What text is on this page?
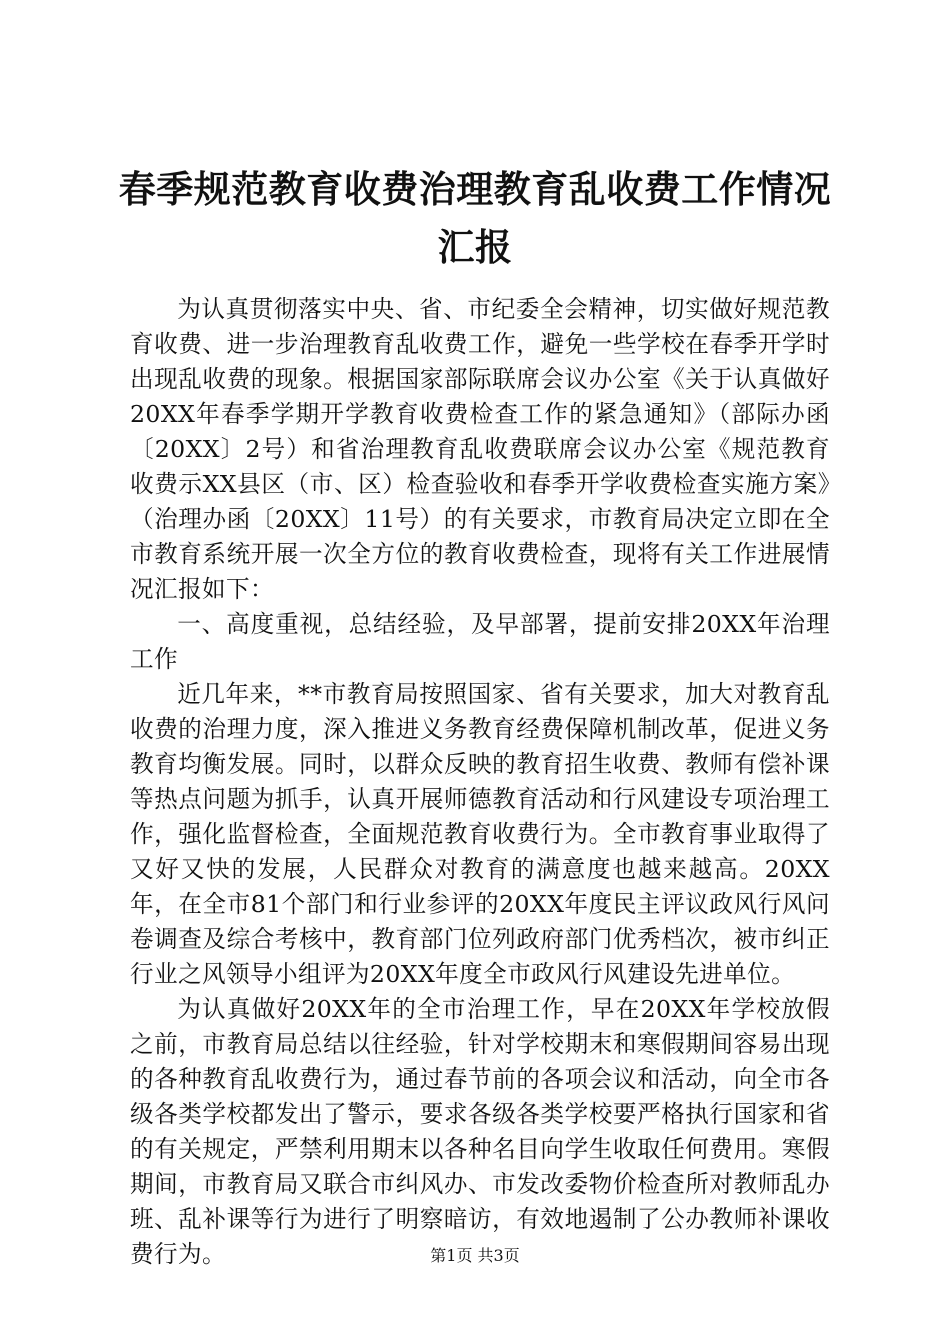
春季规范教育收费治理教育乱收费工作情况汇报

为认真贯彻落实中央、省、市纪委全会精神，切实做好规范教育收费、进一步治理教育乱收费工作，避免一些学校在春季开学时出现乱收费的现象。根据国家部际联席会议办公室《关于认真做好20XX年春季学期开学教育收费检查工作的紧急通知》（部际办函〔20XX〕2号）和省治理教育乱收费联席会议办公室《规范教育收费示XX县区（市、区）检查验收和春季开学收费检查实施方案》（治理办函〔20XX〕11号）的有关要求，市教育局决定立即在全市教育系统开展一次全方位的教育收费检查，现将有关工作进展情况汇报如下：

一、高度重视，总结经验，及早部署，提前安排20XX年治理工作

近几年来，**市教育局按照国家、省有关要求，加大对教育乱收费的治理力度，深入推进义务教育经费保障机制改革，促进义务教育均衡发展。同时，以群众反映的教育招生收费、教师有偿补课等热点问题为抓手，认真开展师德教育活动和行风建设专项治理工作，强化监督检查，全面规范教育收费行为。全市教育事业取得了又好又快的发展，人民群众对教育的满意度也越来越高。20XX年，在全市81个部门和行业参评的20XX年度民主评议政风行风问卷调查及综合考核中，教育部门位列政府部门优秀档次，被市纠正行业之风领导小组评为20XX年度全市政风行风建设先进单位。

为认真做好20XX年的全市治理工作，早在20XX年学校放假之前，市教育局总结以往经验，针对学校期末和寒假期间容易出现的各种教育乱收费行为，通过春节前的各项会议和活动，向全市各级各类学校都发出了警示，要求各级各类学校要严格执行国家和省的有关规定，严禁利用期末以各种名目向学生收取任何费用。寒假期间，市教育局又联合市纠风办、市发改委物价检查所对教师乱办班、乱补课等行为进行了明察暗访，有效地遏制了公办教师补课收费行为。	第1页 共3页
